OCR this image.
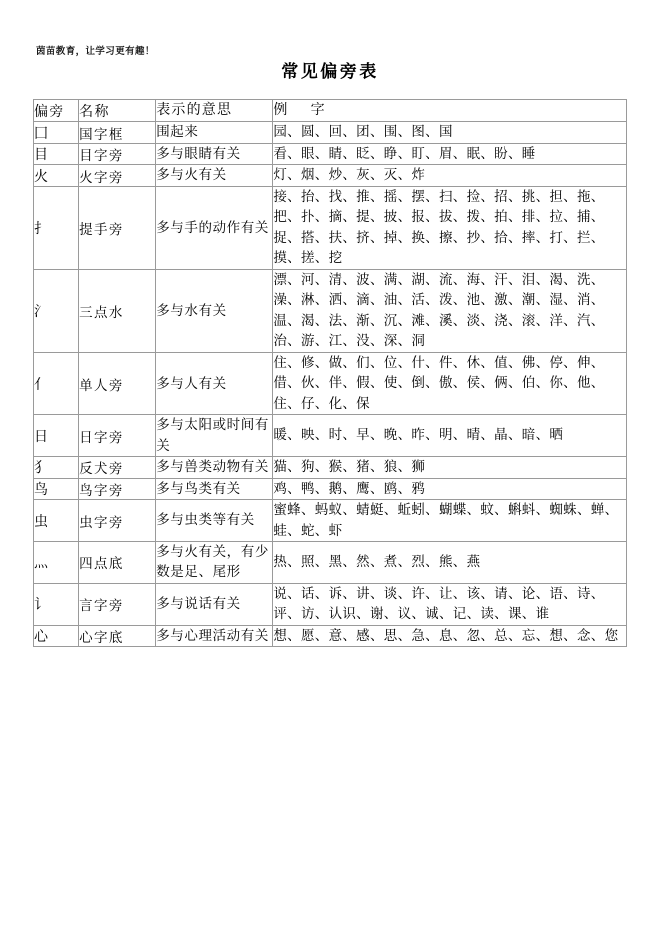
茵苗教育，让学习更有趣！
常见偏旁表
偏旁	名称	表示的意思	例 字
囗	国字框	围起来	园、圆、回、团、围、图、国
目	目字旁	多与眼睛有关	看、眼、睛、眨、睁、盯、眉、眠、盼、睡
火	火字旁	多与火有关	灯、烟、炒、灰、灭、炸
扌	提手旁	多与手的动作有关	接、抬、找、推、摇、摆、扫、捡、招、挑、担、拖、把、扑、摘、提、披、报、拔、拨、拍、排、拉、捕、捉、搭、扶、挤、掉、换、擦、抄、拾、摔、打、拦、摸、搓、挖
氵	三点水	多与水有关	漂、河、清、波、满、湖、流、海、汗、泪、渴、洗、澡、淋、洒、滴、油、活、泼、池、激、潮、湿、消、温、渴、法、渐、沉、滩、溪、淡、浇、滚、洋、汽、治、游、江、没、深、洞
亻	单人旁	多与人有关	住、修、做、们、位、什、件、休、值、佛、停、伸、借、伙、伴、假、使、倒、傲、侯、俩、伯、你、他、住、仔、化、保
日	日字旁	多与太阳或时间有关	暖、映、时、早、晚、昨、明、晴、晶、暗、晒
犭	反犬旁	多与兽类动物有关	猫、狗、猴、猪、狼、狮
鸟	鸟字旁	多与鸟类有关	鸡、鸭、鹅、鹰、鸥、鸦
虫	虫字旁	多与虫类等有关	蜜蜂、蚂蚁、蜻蜓、蚯蚓、蝴蝶、蚊、蝌蚪、蜘蛛、蝉、蛙、蛇、虾
灬	四点底	多与火有关，有少数是足、尾形	热、照、黑、然、煮、烈、熊、燕
讠	言字旁	多与说话有关	说、话、诉、讲、谈、许、让、该、请、论、语、诗、评、访、认识、谢、议、诚、记、读、课、谁
心	心字底	多与心理活动有关	想、愿、意、感、思、急、息、忽、总、忘、想、念、您
